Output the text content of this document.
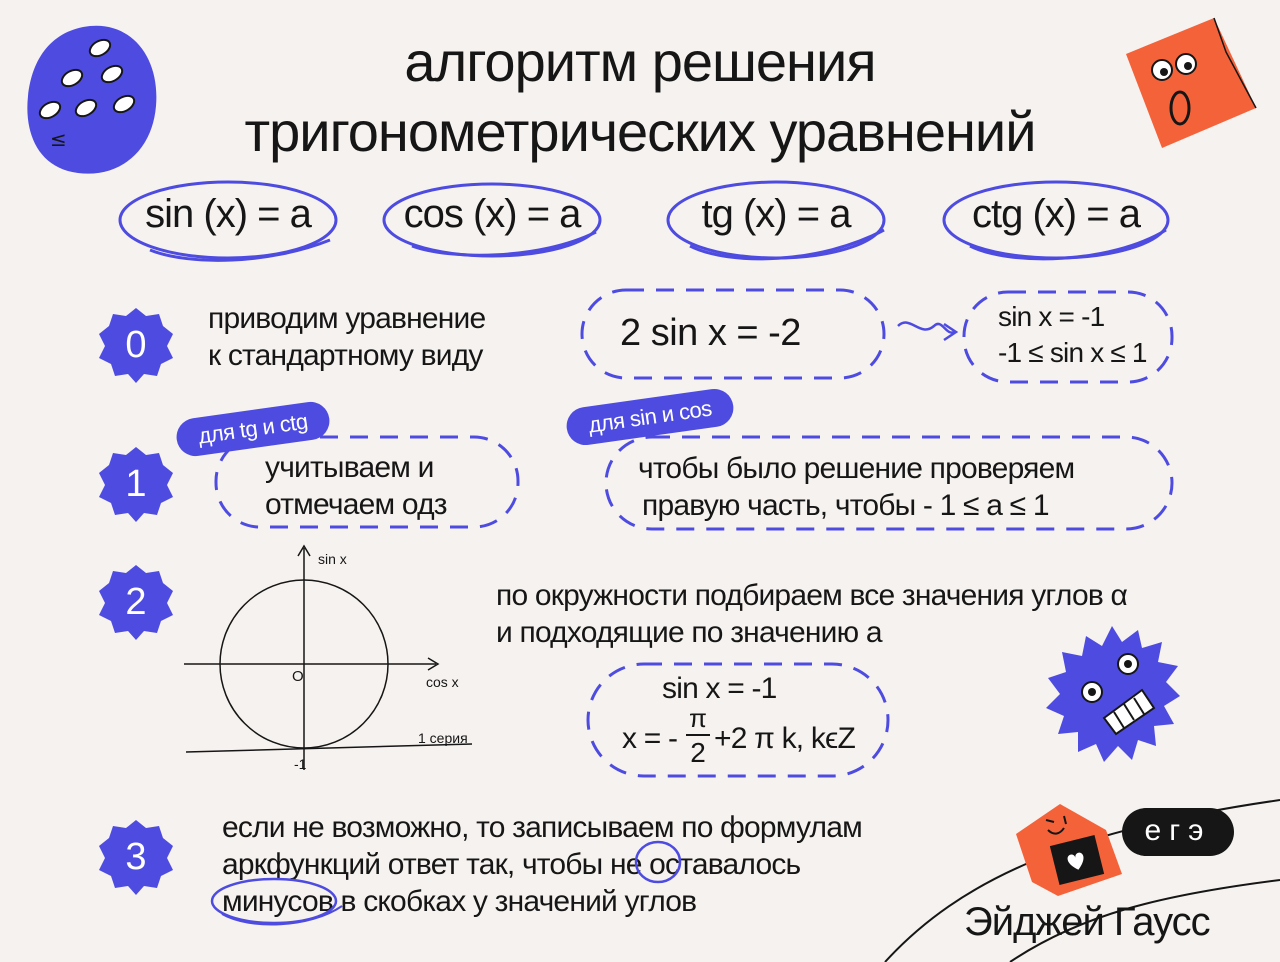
≤
алгоритм решения
тригонометрических уравнений
sin (x) = a	cos (x) = a	tg (x) = a	ctg (x) = a
0
1
2
3
приводим уравнение
к стандартному виду
2 sin x = -2	sin x = -1
-1 ≤ sin x ≤ 1
для tg и ctg	для sin и cos
учитываем и
отмечаем одз
чтобы было решение проверяем
правую часть, чтобы - 1 ≤ a ≤ 1
sin x
cos x
O
1 серия
-1
по окружности подбираем все значения углов α
и подходящие по значению а
sin x = -1
x = -
π
2 +2 π k, kϵZ
если не возможно, то записываем по формулам
аркфункций ответ так, чтобы не оставалось
минусов в скобках у значений углов
егэ
Эйджей Гаусс
